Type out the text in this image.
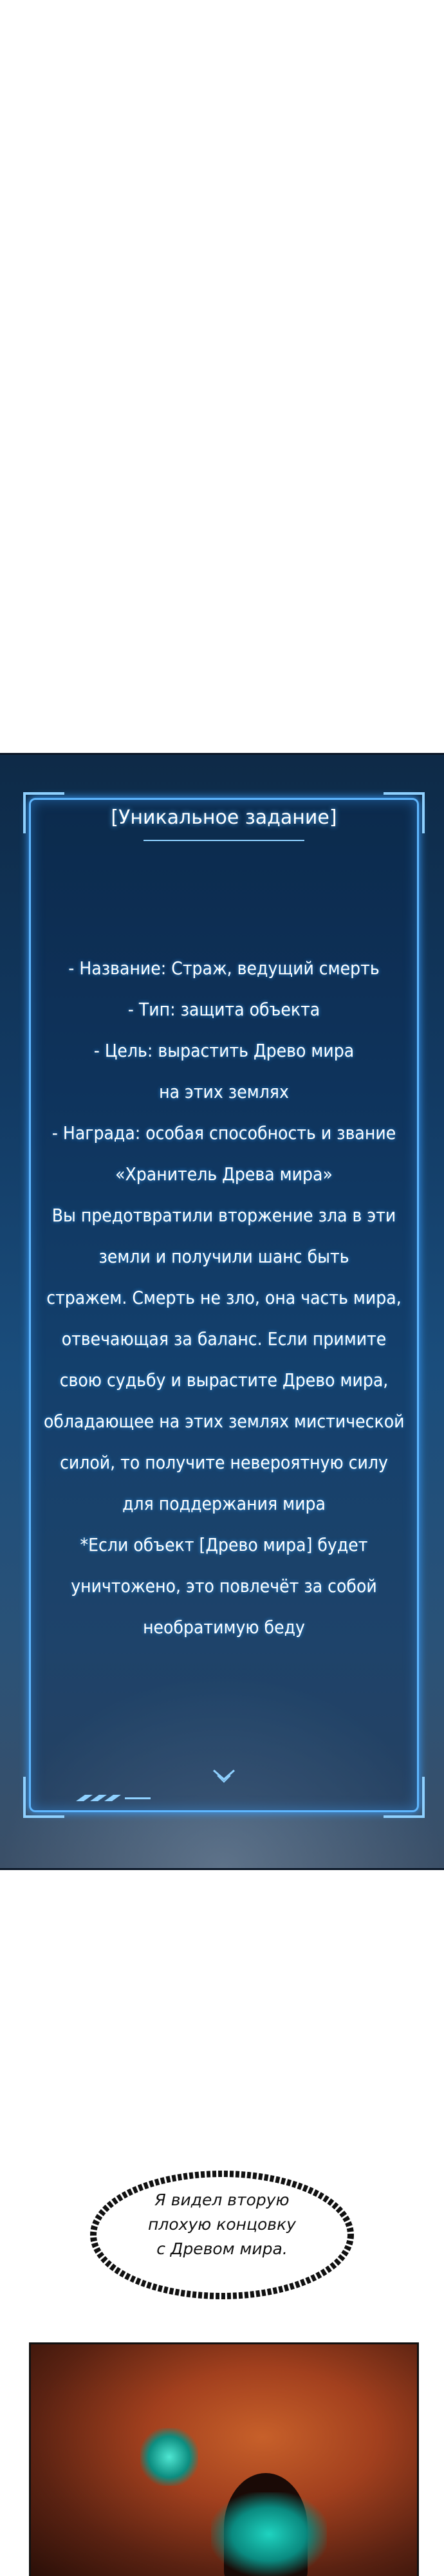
[Уникальное задание]
- Название: Страж, ведущий смерть
- Тип: защита объекта
- Цель: вырастить Древо мира
на этих землях
- Награда: особая способность и звание
«Хранитель Древа мира»
Вы предотвратили вторжение зла в эти
земли и получили шанс быть
стражем. Смерть не зло, она часть мира,
отвечающая за баланс. Если примите
свою судьбу и вырастите Древо мира,
обладающее на этих землях мистической
силой, то получите невероятную силу
для поддержания мира
*Если объект [Древо мира] будет
уничтожено, это повлечёт за собой
необратимую беду
Я видел вторую
плохую концовку
с Древом мира.
